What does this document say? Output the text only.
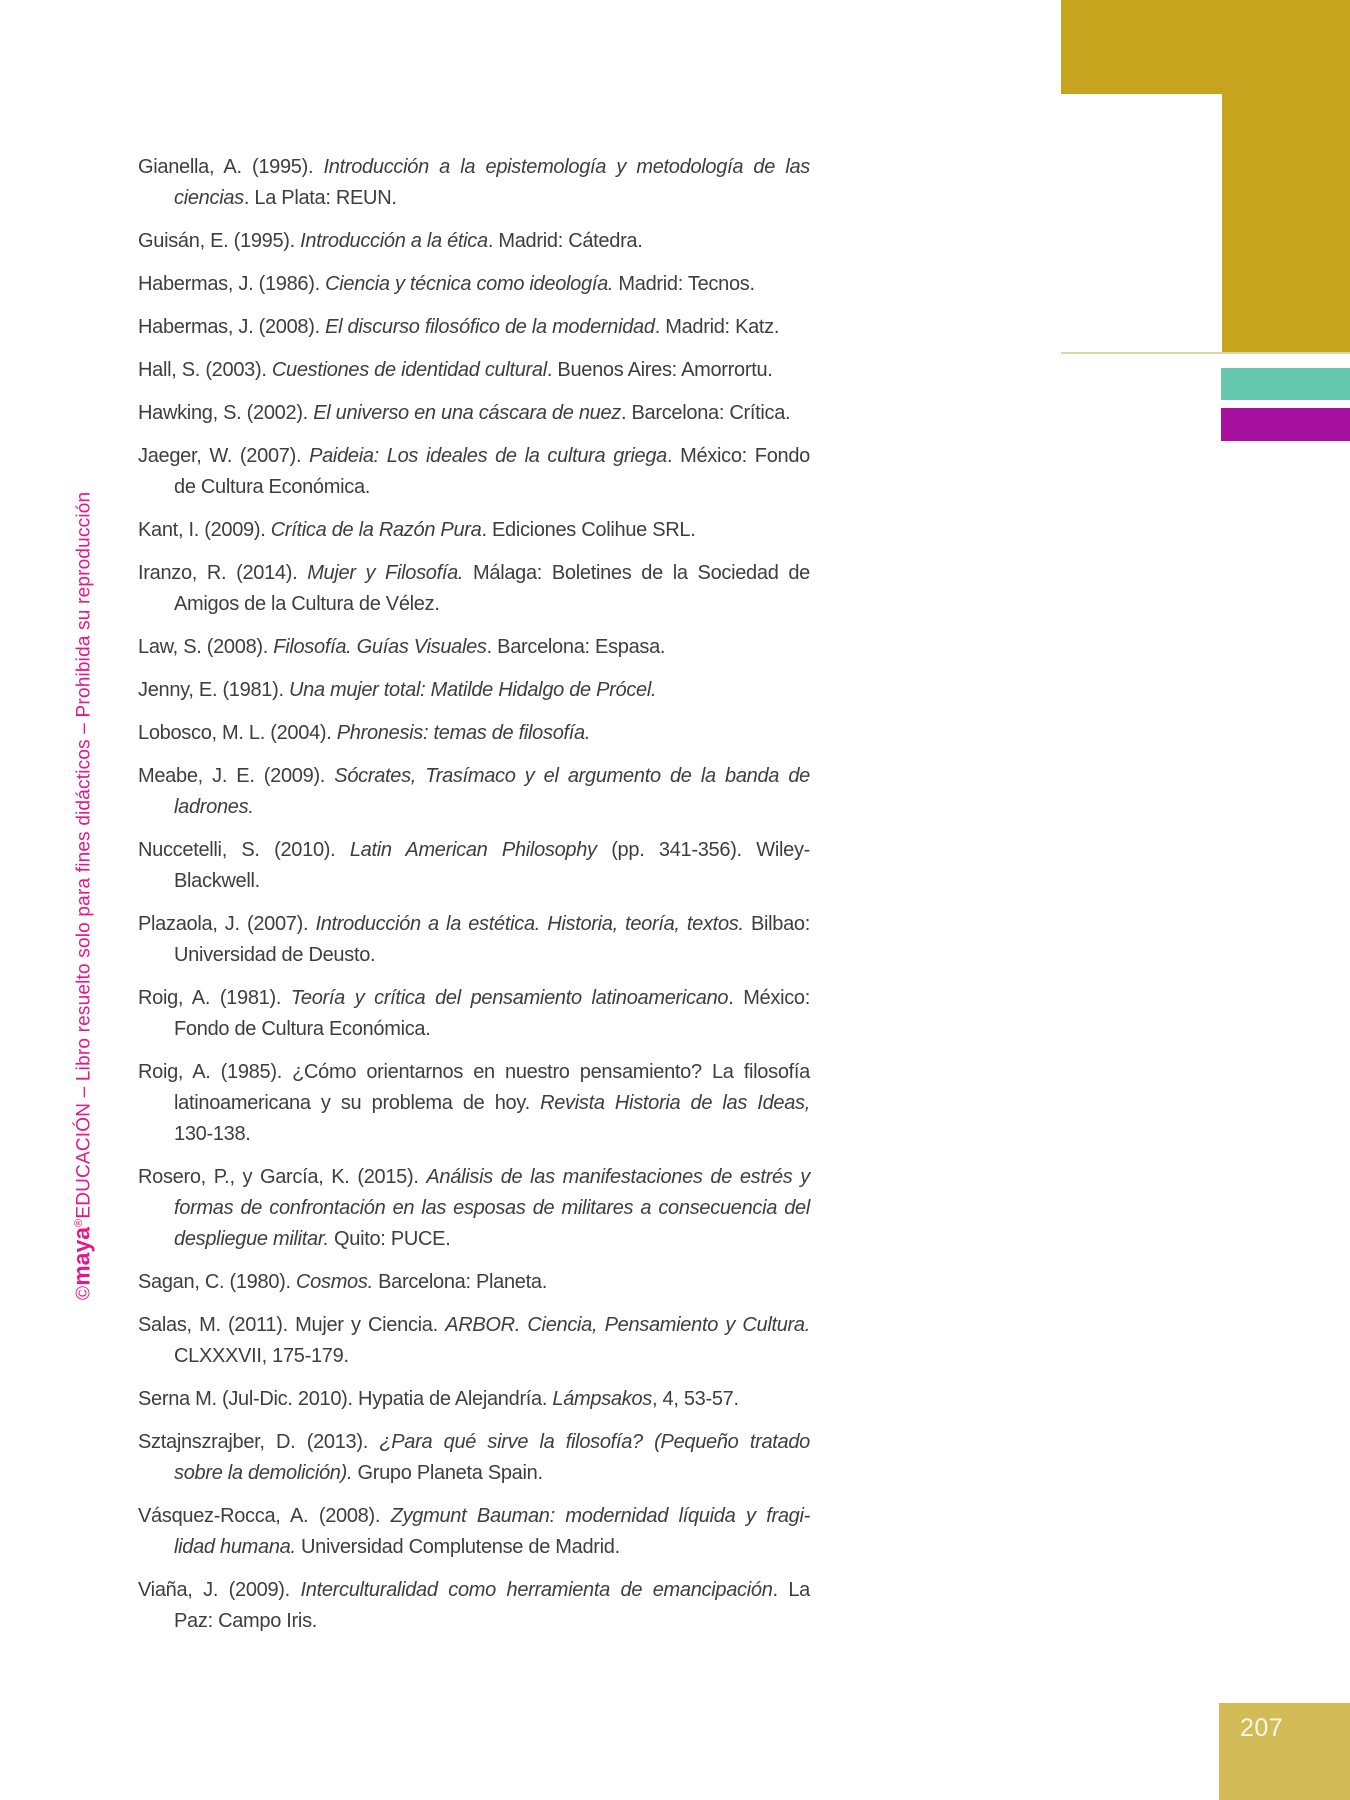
©maya®EDUCACIÓN – Libro resuelto solo para fines didácticos – Prohibida su reproducción
Gianella, A. (1995). Introducción a la epistemología y metodología de las
ciencias. La Plata: REUN.
Guisán, E. (1995). Introducción a la ética. Madrid: Cátedra.
Habermas, J. (1986). Ciencia y técnica como ideología. Madrid: Tecnos.
Habermas, J. (2008). El discurso filosófico de la modernidad. Madrid: Katz.
Hall, S. (2003). Cuestiones de identidad cultural. Buenos Aires: Amorrortu.
Hawking, S. (2002). El universo en una cáscara de nuez. Barcelona: Crítica.
Jaeger, W. (2007). Paideia: Los ideales de la cultura griega. México: Fondo
de Cultura Económica.
Kant, I. (2009). Crítica de la Razón Pura. Ediciones Colihue SRL.
Iranzo, R. (2014). Mujer y Filosofía. Málaga: Boletines de la Sociedad de
Amigos de la Cultura de Vélez.
Law, S. (2008). Filosofía. Guías Visuales. Barcelona: Espasa.
Jenny, E. (1981). Una mujer total: Matilde Hidalgo de Prócel.
Lobosco, M. L. (2004). Phronesis: temas de filosofía.
Meabe, J. E. (2009). Sócrates, Trasímaco y el argumento de la banda de
ladrones.
Nuccetelli, S. (2010). Latin American Philosophy (pp. 341-356). Wiley-
Blackwell.
Plazaola, J. (2007). Introducción a la estética. Historia, teoría, textos. Bilbao:
Universidad de Deusto.
Roig, A. (1981). Teoría y crítica del pensamiento latinoamericano. México:
Fondo de Cultura Económica.
Roig, A. (1985). ¿Cómo orientarnos en nuestro pensamiento? La filosofía
latinoamericana y su problema de hoy. Revista Historia de las Ideas,
130-138.
Rosero, P., y García, K. (2015). Análisis de las manifestaciones de estrés y
formas de confrontación en las esposas de militares a consecuencia del
despliegue militar. Quito: PUCE.
Sagan, C. (1980). Cosmos. Barcelona: Planeta.
Salas, M. (2011). Mujer y Ciencia. ARBOR. Ciencia, Pensamiento y Cultura.
CLXXXVII, 175-179.
Serna M. (Jul-Dic. 2010). Hypatia de Alejandría. Lámpsakos, 4, 53-57.
Sztajnszrajber, D. (2013). ¿Para qué sirve la filosofía? (Pequeño tratado
sobre la demolición). Grupo Planeta Spain.
Vásquez-Rocca, A. (2008). Zygmunt Bauman: modernidad líquida y fragi-
lidad humana. Universidad Complutense de Madrid.
Viaña, J. (2009). Interculturalidad como herramienta de emancipación. La
Paz: Campo Iris.
207
